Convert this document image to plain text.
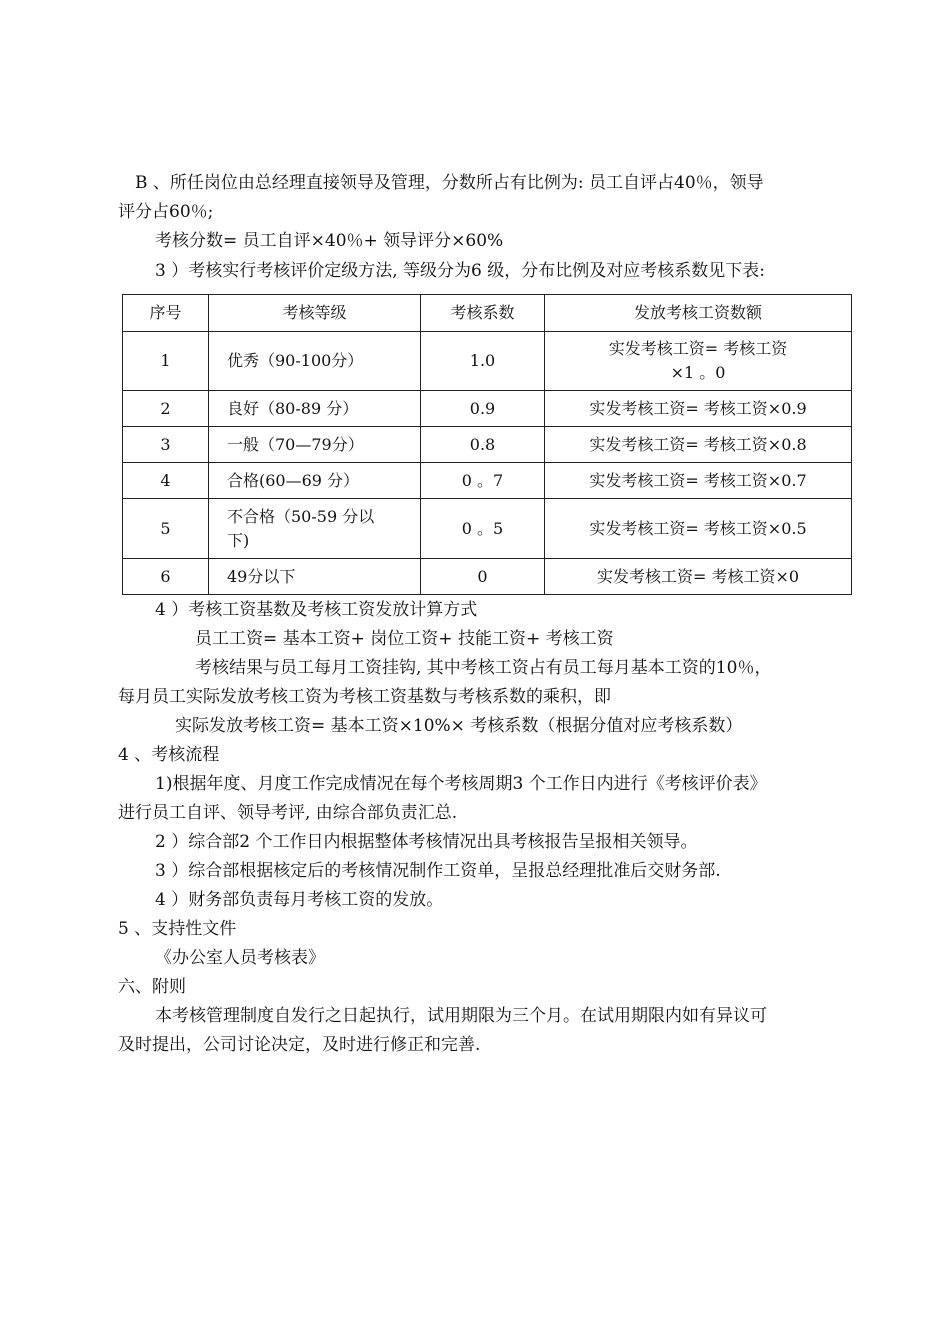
B 、所任岗位由总经理直接领导及管理，分数所占有比例为: 员工自评占40％，领导

评分占60％;

考核分数= 员工自评×40％+ 领导评分×60%

3 ）考核实行考核评价定级方法, 等级分为6 级，分布比例及对应考核系数见下表:

序号	考核等级	考核系数	发放考核工资数额
1	优秀（90-100分）	1.0	实发考核工资= 考核工资
×1 。0

2	良好（80-89 分）	0.9	实发考核工资= 考核工资×0.9
3	一般（70—79分）	0.8	实发考核工资= 考核工资×0.8
4	合格(60—69 分）	0 。7	实发考核工资= 考核工资×0.7
5	不合格（50-59 分以
下)	0 。5	实发考核工资= 考核工资×0.5
6	49分以下	0	实发考核工资= 考核工资×0

4 ）考核工资基数及考核工资发放计算方式

员工工资= 基本工资+ 岗位工资+ 技能工资+ 考核工资

考核结果与员工每月工资挂钩, 其中考核工资占有员工每月基本工资的10％，

每月员工实际发放考核工资为考核工资基数与考核系数的乘积，即

实际发放考核工资= 基本工资×10%× 考核系数（根据分值对应考核系数）

4 、考核流程

1)根据年度、月度工作完成情况在每个考核周期3 个工作日内进行《考核评价表》

进行员工自评、领导考评, 由综合部负责汇总.

2 ）综合部2 个工作日内根据整体考核情况出具考核报告呈报相关领导。

3 ）综合部根据核定后的考核情况制作工资单，呈报总经理批准后交财务部.

4 ）财务部负责每月考核工资的发放。

5 、支持性文件

《办公室人员考核表》

六、附则

本考核管理制度自发行之日起执行，试用期限为三个月。在试用期限内如有异议可

及时提出，公司讨论决定，及时进行修正和完善.
